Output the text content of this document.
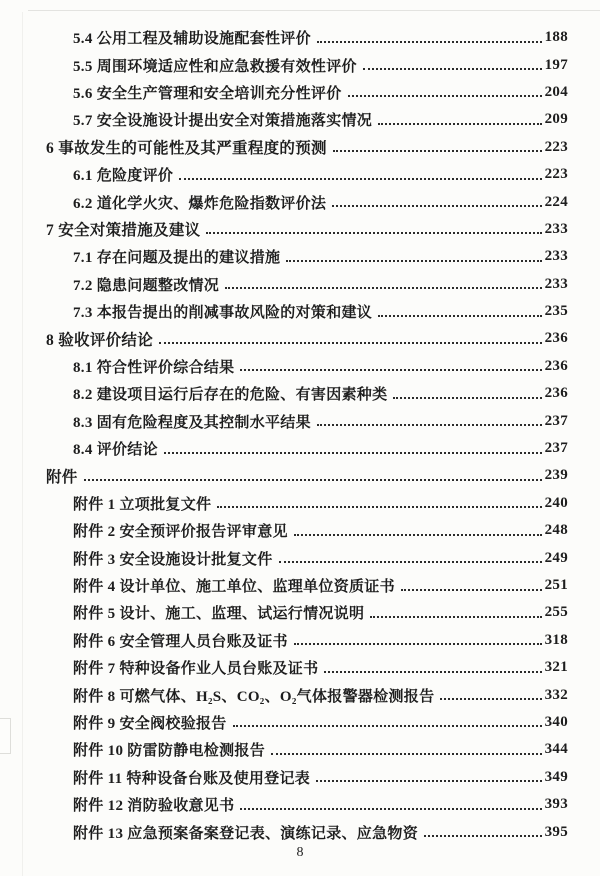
5.4 公用工程及辅助设施配套性评价	188
5.5 周围环境适应性和应急救援有效性评价	197
5.6 安全生产管理和安全培训充分性评价	204
5.7 安全设施设计提出安全对策措施落实情况	209
6 事故发生的可能性及其严重程度的预测	223
6.1 危险度评价	223
6.2 道化学火灾、爆炸危险指数评价法	224
7 安全对策措施及建议	233
7.1 存在问题及提出的建议措施	233
7.2 隐患问题整改情况	233
7.3 本报告提出的削减事故风险的对策和建议	235
8 验收评价结论	236
8.1 符合性评价综合结果	236
8.2 建设项目运行后存在的危险、有害因素种类	236
8.3 固有危险程度及其控制水平结果	237
8.4 评价结论	237
附件	239
附件 1 立项批复文件	240
附件 2 安全预评价报告评审意见	248
附件 3 安全设施设计批复文件	249
附件 4 设计单位、施工单位、监理单位资质证书	251
附件 5 设计、施工、监理、试运行情况说明	255
附件 6 安全管理人员台账及证书	318
附件 7 特种设备作业人员台账及证书	321
附件 8 可燃气体、H₂S、CO₂、O₂气体报警器检测报告	332
附件 9 安全阀校验报告	340
附件 10 防雷防静电检测报告	344
附件 11 特种设备台账及使用登记表	349
附件 12 消防验收意见书	393
附件 13 应急预案备案登记表、演练记录、应急物资	395
8
